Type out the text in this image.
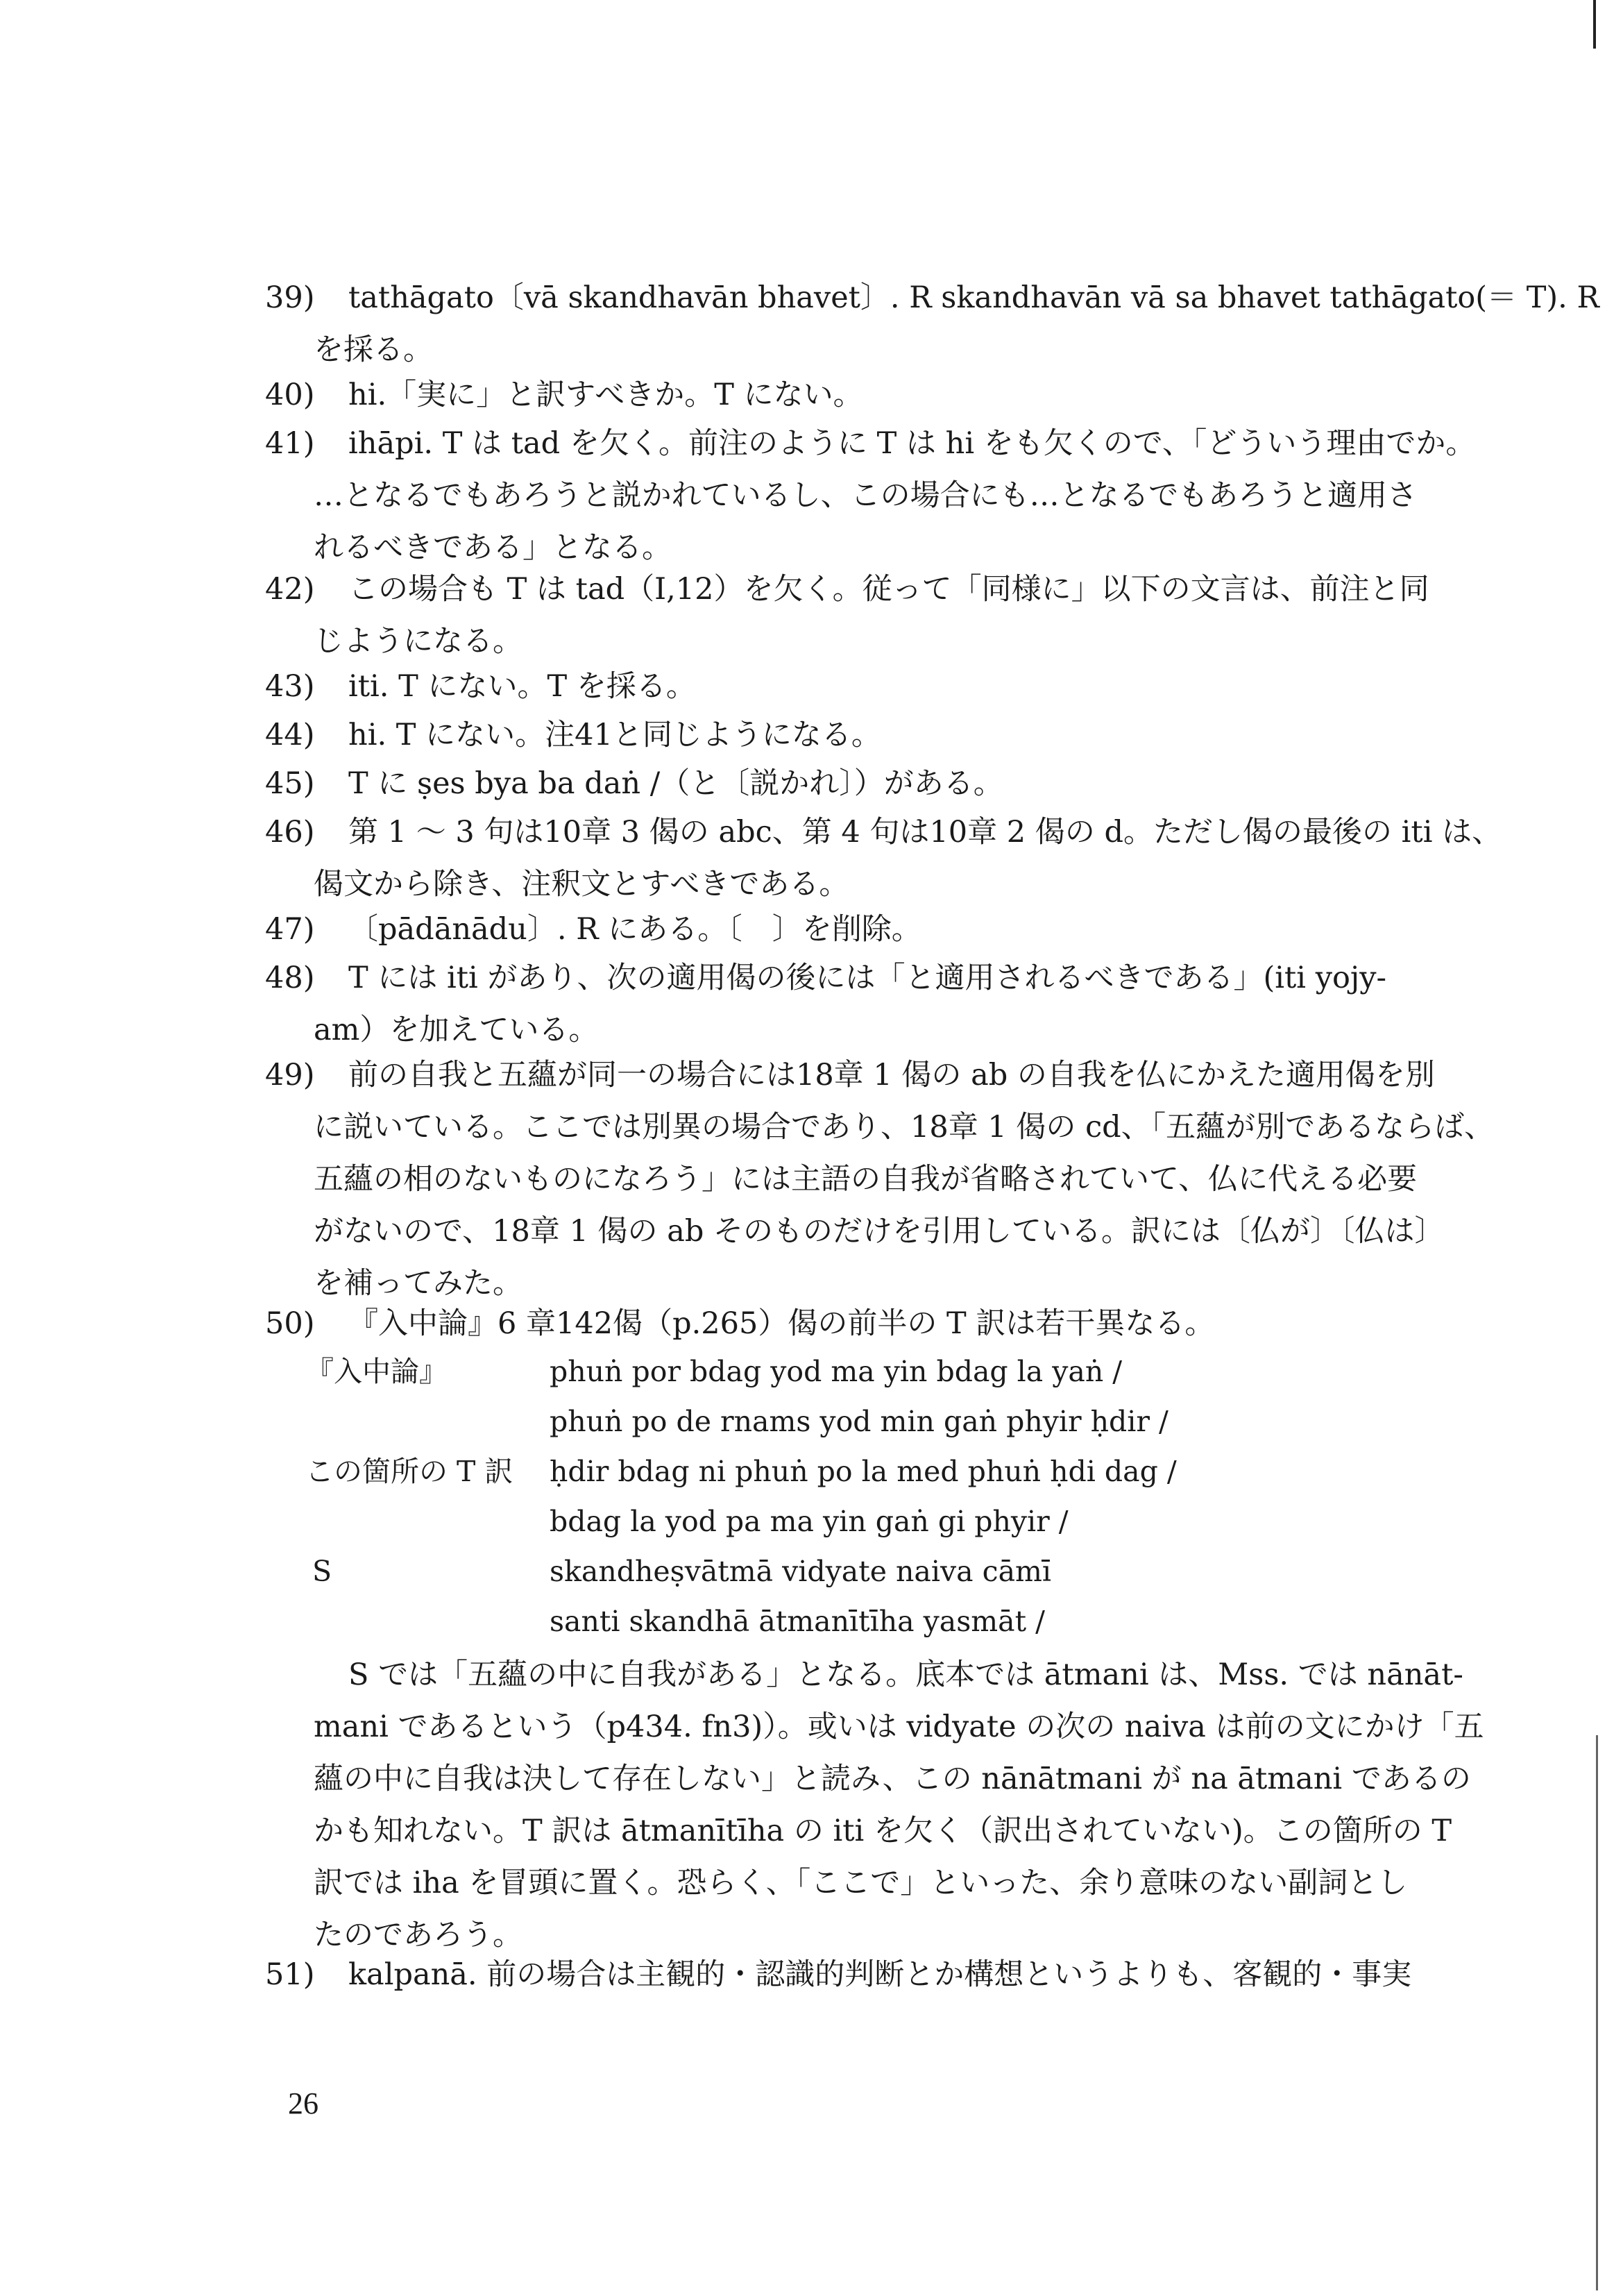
39)	tathāgato〔vā skandhavān bhavet〕. R skandhavān vā sa bhavet tathāgato(＝ T). R
を採る。
40)	hi.「実に」と訳すべきか。T にない。
41)	ihāpi. T は tad を欠く。前注のように T は hi をも欠くので、「どういう理由でか。
…となるでもあろうと説かれているし、この場合にも…となるでもあろうと適用さ
れるべきである」となる。
42)	この場合も T は tad（I,12）を欠く。従って「同様に」以下の文言は、前注と同
じようになる。
43)	iti. T にない。T を採る。
44)	hi. T にない。注41と同じようになる。
45)	T に ṣes bya ba daṅ /（と〔説かれ〕）がある。
46)	第 1 ～ 3 句は10章 3 偈の abc、第 4 句は10章 2 偈の d。ただし偈の最後の iti は、
偈文から除き、注釈文とすべきである。
47)	〔pādānādu〕. R にある。〔　〕を削除。
48)	T には iti があり、次の適用偈の後には「と適用されるべきである」(iti yojy-
am）を加えている。
49)	前の自我と五蘊が同一の場合には18章 1 偈の ab の自我を仏にかえた適用偈を別
に説いている。ここでは別異の場合であり、18章 1 偈の cd、「五蘊が別であるならば、
五蘊の相のないものになろう」には主語の自我が省略されていて、仏に代える必要
がないので、18章 1 偈の ab そのものだけを引用している。訳には〔仏が〕〔仏は〕
を補ってみた。
50)	『入中論』6 章142偈（p.265）偈の前半の T 訳は若干異なる。
『入中論』	phuṅ por bdag yod ma yin bdag la yaṅ /
phuṅ po de rnams yod min gaṅ phyir ḥdir /
この箇所の T 訳 ḥdir bdag ni phuṅ po la med phuṅ ḥdi dag /
bdag la yod pa ma yin gaṅ gi phyir /
S	skandheṣvātmā vidyate naiva cāmī
santi skandhā ātmanītīha yasmāt /
S では「五蘊の中に自我がある」となる。底本では ātmani は、Mss. では nānāt-
mani であるという（p434. fn3)）。或いは vidyate の次の naiva は前の文にかけ「五
蘊の中に自我は決して存在しない」と読み、この nānātmani が na ātmani であるの
かも知れない。T 訳は ātmanītīha の iti を欠く（訳出されていない)。この箇所の T
訳では iha を冒頭に置く。恐らく、「ここで」といった、余り意味のない副詞とし
たのであろう。
51)	kalpanā. 前の場合は主観的・認識的判断とか構想というよりも、客観的・事実
26
